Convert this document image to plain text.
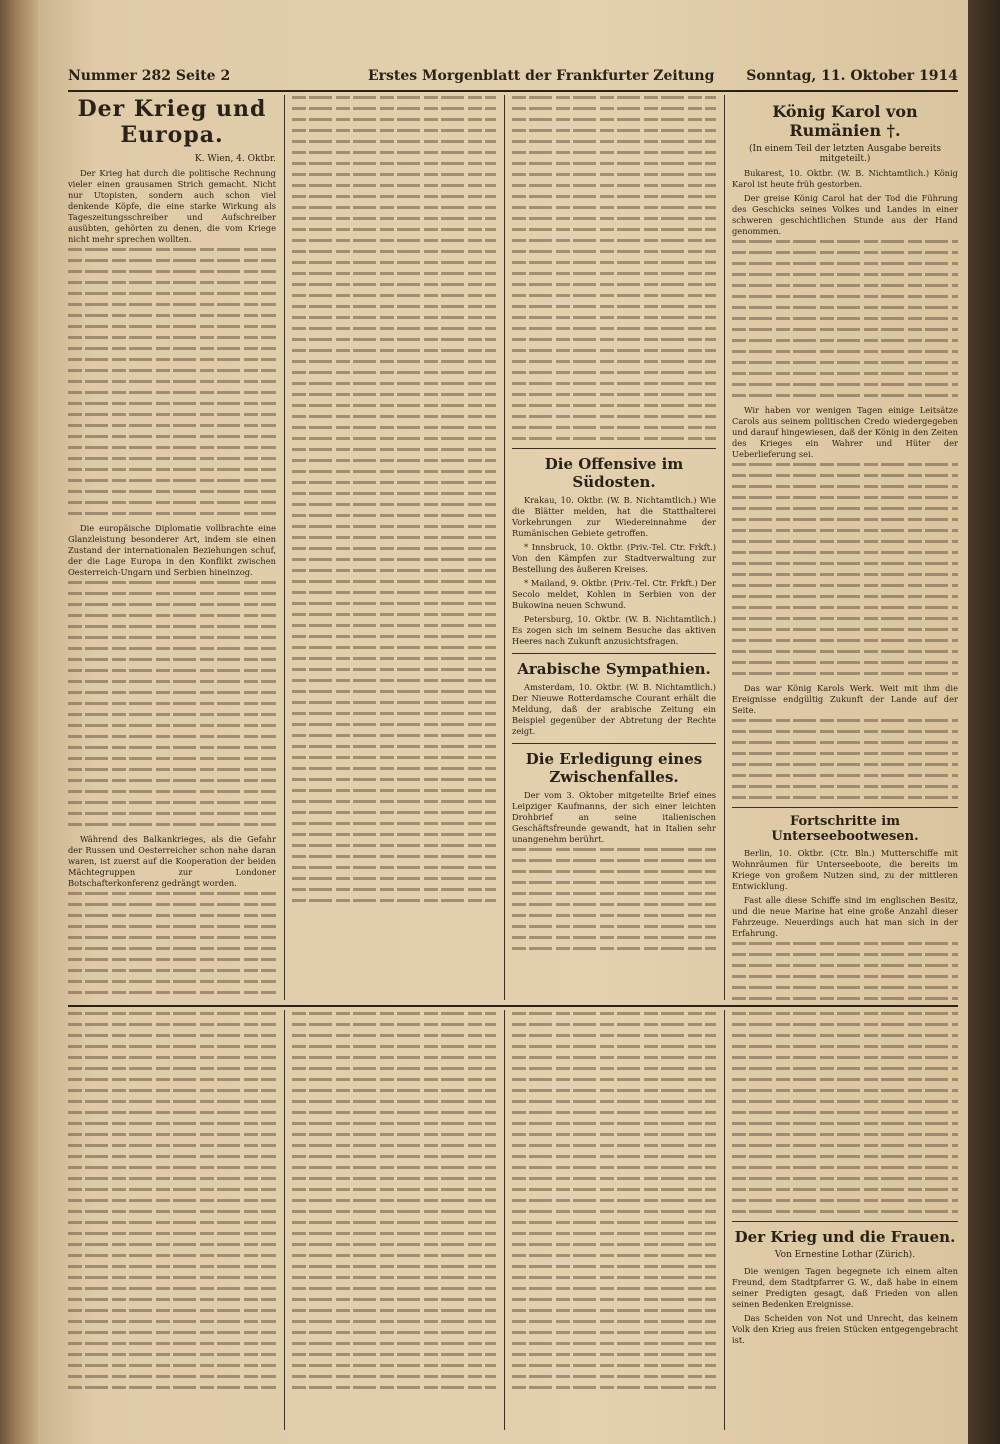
Nummer 282 Seite 2	Erstes Morgenblatt der Frankfurter Zeitung Sonntag, 11. Oktober 1914
Der Krieg und Europa.
K. Wien, 4. Oktbr.

Der Krieg hat durch die politische Rechnung vieler einen grausamen Strich gemacht. Nicht nur Utopisten, sondern auch schon viel denkende Köpfe, die eine starke Wirkung als Tageszeitungsschreiber und Aufschreiber ausübten, gehörten zu denen, die vom Kriege nicht mehr sprechen wollten.

Die europäische Diplomatie vollbrachte eine Glanzleistung besonderer Art, indem sie einen Zustand der internationalen Beziehungen schuf, der die Lage Europa in den Konflikt zwischen Oesterreich-Ungarn und Serbien hineinzog.

Während des Balkankrieges, als die Gefahr der Russen und Oesterreicher schon nahe daran waren, ist zuerst auf die Kooperation der beiden Mächtegruppen zur Londoner Botschafterkonferenz gedrängt worden.

Die Offensive im Südosten.

Krakau, 10. Oktbr. (W. B. Nichtamtlich.) Wie die Blätter melden, hat die Statthalterei Vorkehrungen zur Wiedereinnahme der Rumänischen Gebiete getroffen.

* Innsbruck, 10. Oktbr. (Priv.-Tel. Ctr. Frkft.) Von den Kämpfen zur Stadtverwaltung zur Bestellung des äußeren Kreises.

* Mailand, 9. Oktbr. (Priv.-Tel. Ctr. Frkft.) Der Secolo meldet, Kohlen in Serbien von der Bukowina neuen Schwund.

Petersburg, 10. Oktbr. (W. B. Nichtamtlich.) Es zogen sich im seinem Besuche das aktiven Heeres nach Zukunft anzusichtsfragen.

Arabische Sympathien.

Amsterdam, 10. Oktbr. (W. B. Nichtamtlich.) Der Nieuwe Rotterdamsche Courant erhält die Meldung, daß der arabische Zeitung ein Beispiel gegenüber der Abtretung der Rechte zeigt.

Die Erledigung eines Zwischenfalles.

Der vom 3. Oktober mitgeteilte Brief eines Leipziger Kaufmanns, der sich einer leichten Drohbrief an seine italienischen Geschäftsfreunde gewandt, hat in Italien sehr unangenehm berührt.

König Karol von Rumänien †.
(In einem Teil der letzten Ausgabe bereits mitgeteilt.)

Bukarest, 10. Oktbr. (W. B. Nichtamtlich.) König Karol ist heute früh gestorben.

Der greise König Carol hat der Tod die Führung des Geschicks seines Volkes und Landes in einer schweren geschichtlichen Stunde aus der Hand genommen.

Wir haben vor wenigen Tagen einige Leitsätze Carols aus seinem politischen Credo wiedergegeben und darauf hingewiesen, daß der König in den Zeiten des Krieges ein Wahrer und Hüter der Ueberlieferung sei.

Das war König Karols Werk. Weit mit ihm die Ereignisse endgültig Zukunft der Lande auf der Seite.

Fortschritte im Unterseebootwesen.

Berlin, 10. Oktbr. (Ctr. Bln.) Mutterschiffe mit Wohnräumen für Unterseeboote, die bereits im Kriege von großem Nutzen sind, zu der mittleren Entwicklung.

Fast alle diese Schiffe sind im englischen Besitz, und die neue Marine hat eine große Anzahl dieser Fahrzeuge. Neuerdings auch hat man sich in der Erfahrung.

Der Krieg und die Frauen.
Von Ernestine Lothar (Zürich).

Die wenigen Tagen begegnete ich einem alten Freund, dem Stadtpfarrer G. W., daß habe in einem seiner Predigten gesagt, daß Frieden von allen seinen Bedenken Ereignisse.

Das Scheiden von Not und Unrecht, das keinem Volk den Krieg aus freien Stücken entgegengebracht ist.
